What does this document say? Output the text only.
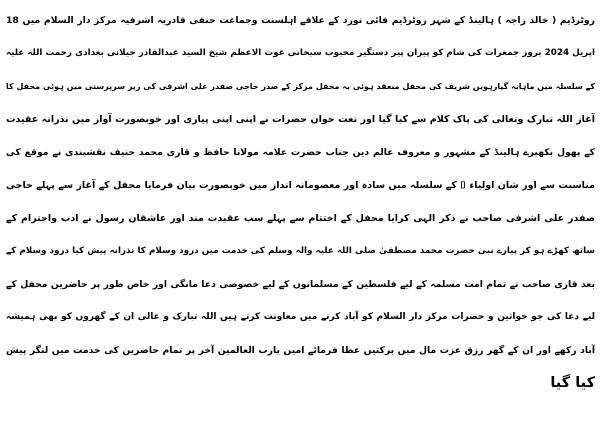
روٹرڈیم ( خالد راجہ ) ہالینڈ کے شہر روٹرڈیم فائی نورد کے علاقے اہلسنت وجماعت حنفی قادریہ اشرفیہ مرکز دار السلام میں 18
اپریل 2024 بروز جمعرات کی شام کو پیران پیر دستگیر محبوب سبحانی غوث الاعظم شیخ السید عبدالقادر جیلانی بغدادی رحمت اللہ علیہ
کے سلسلہ میں ماہانہ گیارہویں شریف کی محفل منعقد ہوئی یہ محفل مرکز کے صدر حاجی صفدر علی اشرفی کی زیر سرپرستی میں ہوئی محفل کا
آغاز اللہ تبارک وتعالی کی پاک کلام سے کیا گیا اور نعت خوان حضرات نے اپنی اپنی پیاری اور خوبصورت آواز میں نذرانہ عقیدت
کے پھول بکھیرے ہالینڈ کے مشہور و معروف عالم دین جناب حضرت علامہ مولانا حافظ و قاری محمد حنیف نقشبندی نے موقع کی
مناسبت سے اور شان اولیاء ⌷ کے سلسلہ میں سادہ اور معصومانہ انداز میں خوبصورت بیان فرمایا محفل کے آغاز سے پہلے حاجی
صفدر علی اشرفی صاحب نے ذکر الہی کرایا محفل کے اختتام سے پہلے سب عقیدت مند اور عاشقان رسول نے ادب واحترام کے
ساتھ کھڑے ہو کر پیارے نبی حضرت محمد مصطفیٰ صلی اللہ علیہ والہ وسلم کی خدمت میں درود وسلام کا نذرانہ پیش کیا درود وسلام کے
بعد قاری صاحب نے تمام امت مسلمہ کے لیے فلسطین کے مسلمانوں کے لیے خصوصی دعا مانگی اور خاص طور پر حاضرین محفل کے
لیے دعا کی جو خواتین و حضرات مرکز دار السلام کو آباد کرنے میں معاونت کرتے ہیں اللہ تبارک و عالی ان کے گھروں کو بھی ہمیشہ
آباد رکھے اور ان کے گھر رزق عزت مال میں برکتیں عطا فرمائے امین یارب العالمین آخر پر تمام حاضرین کی خدمت میں لنگر پیش
کیا گیا
